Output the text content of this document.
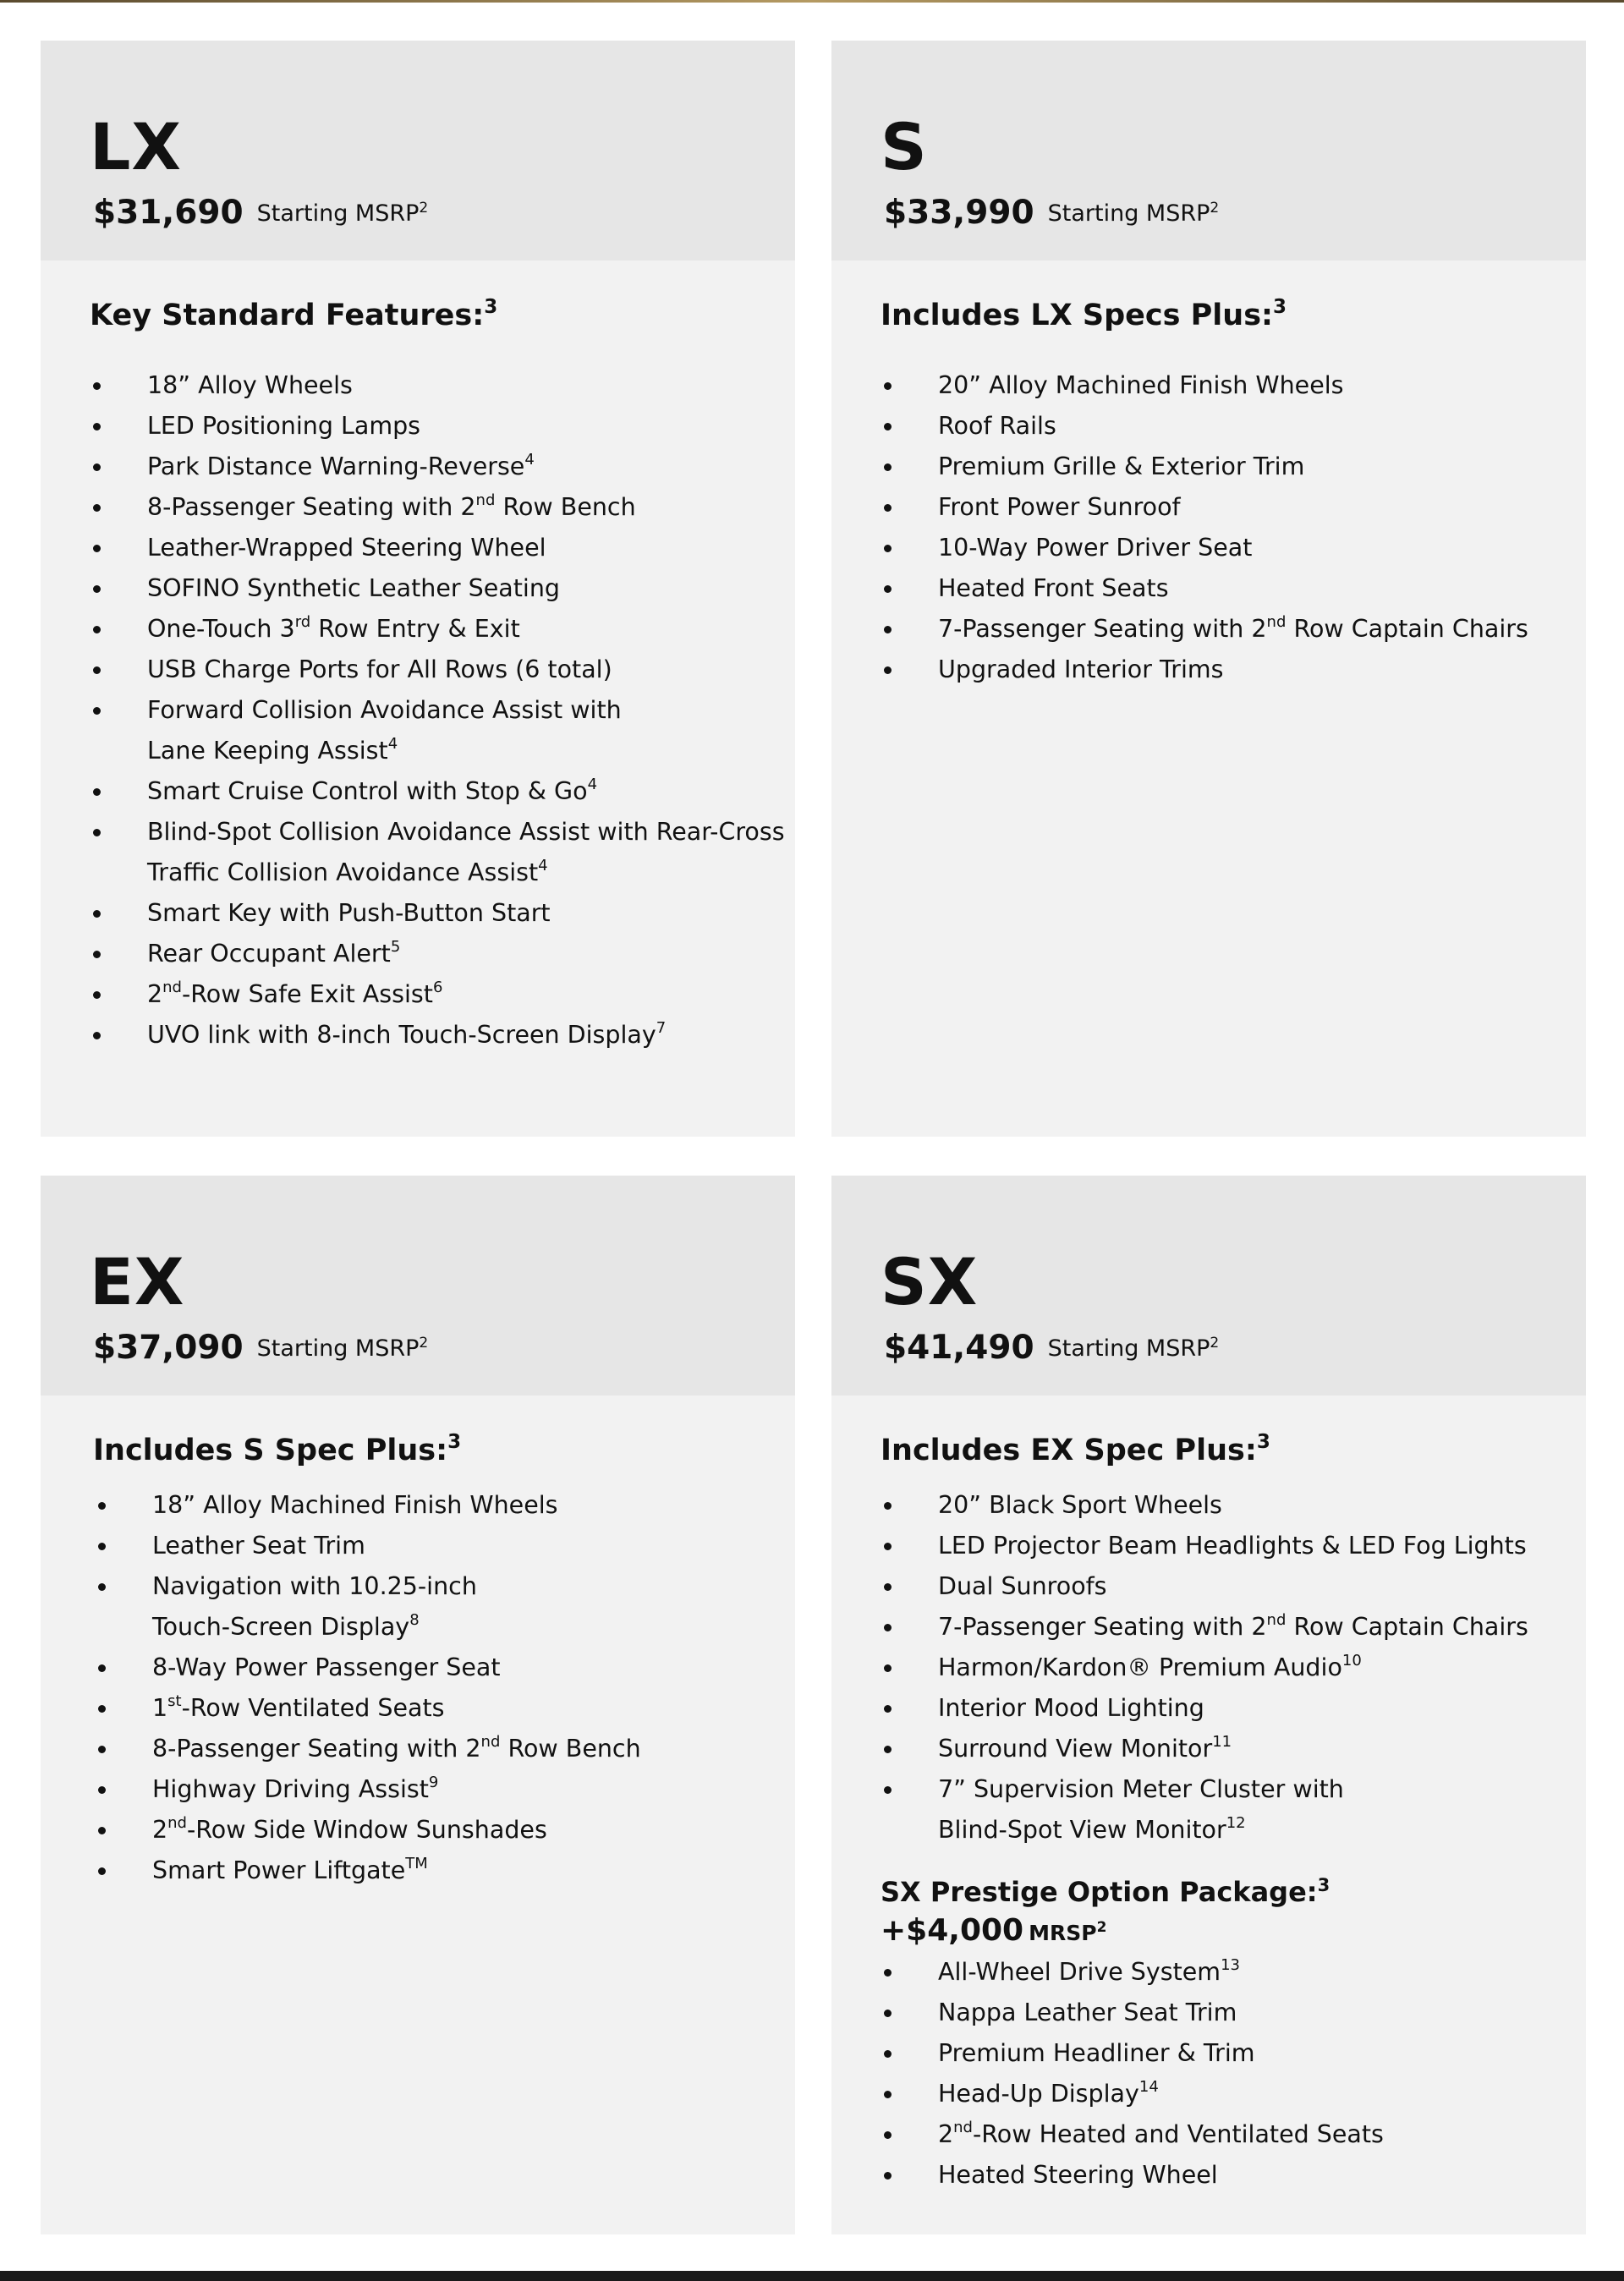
LX
$31,690 Starting MSRP$^2$
Key Standard Features:$^3$
18” Alloy Wheels
LED Positioning Lamps
Park Distance Warning-Reverse$^4$
8-Passenger Seating with 2nd Row Bench
Leather-Wrapped Steering Wheel
SOFINO Synthetic Leather Seating
One-Touch 3rd Row Entry & Exit
USB Charge Ports for All Rows (6 total)
Forward Collision Avoidance Assist with
Lane Keeping Assist$^4$
Smart Cruise Control with Stop & Go$^4$
Blind-Spot Collision Avoidance Assist with Rear-Cross
Traffic Collision Avoidance Assist$^4$
Smart Key with Push-Button Start
Rear Occupant Alert$^5$
2nd-Row Safe Exit Assist$^6$
UVO link with 8-inch Touch-Screen Display$^7$
S
$33,990 Starting MSRP$^2$
Includes LX Specs Plus:$^3$
20” Alloy Machined Finish Wheels
Roof Rails
Premium Grille & Exterior Trim
Front Power Sunroof
10-Way Power Driver Seat
Heated Front Seats
7-Passenger Seating with 2nd Row Captain Chairs
Upgraded Interior Trims
EX
$37,090 Starting MSRP$^2$
Includes S Spec Plus:$^3$
18” Alloy Machined Finish Wheels
Leather Seat Trim
Navigation with 10.25-inch
Touch-Screen Display$^8$
8-Way Power Passenger Seat
1st-Row Ventilated Seats
8-Passenger Seating with 2nd Row Bench
Highway Driving Assist$^9$
2nd-Row Side Window Sunshades
Smart Power Liftgate™
SX
$41,490 Starting MSRP$^2$
Includes EX Spec Plus:$^3$
20” Black Sport Wheels
LED Projector Beam Headlights & LED Fog Lights
Dual Sunroofs
7-Passenger Seating with 2nd Row Captain Chairs
Harmon/Kardon® Premium Audio$^{10}$
Interior Mood Lighting
Surround View Monitor$^{11}$
7” Supervision Meter Cluster with
Blind-Spot View Monitor$^{12}$
SX Prestige Option Package:$^3$
+$4,000 MRSP$^2$
All-Wheel Drive System$^{13}$
Nappa Leather Seat Trim
Premium Headliner & Trim
Head-Up Display$^{14}$
2nd-Row Heated and Ventilated Seats
Heated Steering Wheel
